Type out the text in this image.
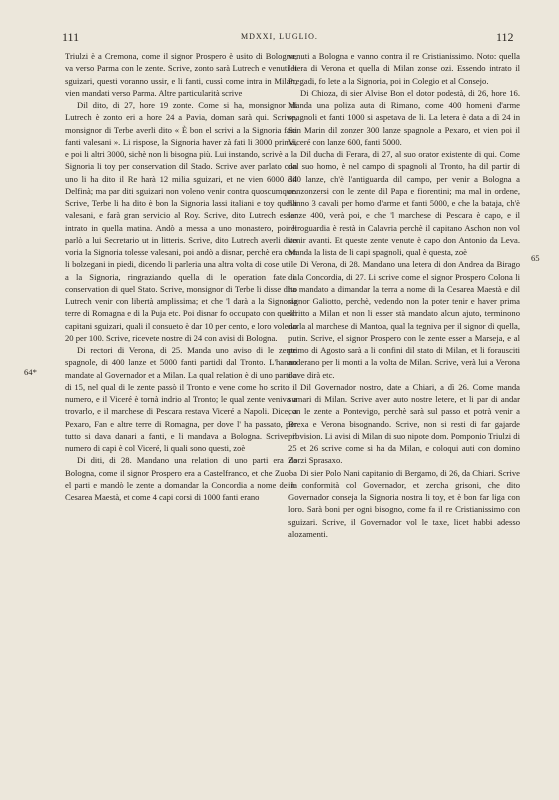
111	MDXXI, LUGLIO.	112
64*
65

Triulzi è a Cremona, come il signor Prospero è usito di Bologna, va verso Parma con le zente. Scrive, zonto sarà Lutrech e venuti li sguizari, questi voranno ussir, e li fanti, cussì come intra in Milan, vien mandati verso Parma. Altre particularità scrive

Dil dito, di 27, hore 19 zonte. Come si ha, monsignor di Lutrech è zonto eri a hore 24 a Pavia, doman sarà qui. Scrive, monsignor di Terbe averli dito « È bon el scrivi a la Signoria fazi fanti valesani ». Li rispose, la Signoria haver zà fati li 3000 prima, e poi li altri 3000, sichè non li bisogna più. Lui instando, scrivè a la Signoria li toy per conservation dil Stado. Scrive aver parlato con uno li ha dito il Re harà 12 milia sguizari, et ne vien 6000 dil Delfinà; ma par diti sguizari non voleno venir contra quoscumque. Scrive, Terbe li ha dito è bon la Signoria lassi italiani e toy quelli valesani, e farà gran servicio al Roy. Scrive, dito Lutrech esser intrato in quella matina. Andò a messa a uno monastero, poi li parlò a lui Secretario ut in litteris. Scrive, dito Lutrech averli dito voria la Signoria tolesse valesani, poi andò a disnar, perchè era con li bolzegani in piedi, dicendo li parleria una altra volta di cose utile a la Signoria, ringraziando quella di le operation fate a conservation di quel Stato. Scrive, monsignor di Terbe li disse dito Lutrech venir con libertà amplissima; et che 'l darà a la Signoria terre di Romagna e di la Puja etc. Poi disnar fo occupato con quelli capitani sguizari, quali il consueto è dar 10 per cento, e loro voleno 20 per 100. Scrive, ricevete nostre di 24 con avisi di Bologna.

Di rectori di Verona, di 25. Manda uno aviso di le zente spagnole, di 400 lanze et 5000 fanti partidi dal Tronto. L'hanno mandate al Governador et a Milan. La qual relation è di uno parti a di 15, nel qual di le zente passò il Tronto e vene come ho scrito il numero, e il Viceré è tornà indrio al Tronto; le qual zente veniva a trovarlo, e il marchese di Pescara restava Viceré a Napoli. Dice, a Pexaro, Fan e altre terre di Romagna, per dove l' ha passato, per tutto si dava danari a fanti, e li mandava a Bologna. Scrive il numero di capi è col Viceré, li quali sono questi, zoè

Di diti, di 28. Mandano una relation di uno parti era da Bologna, come il signor Prospero era a Castelfranco, et che Zuoba el parti e mandò le zente a domandar la Concordia a nome de la Cesarea Maestà, et come 4 capi corsi di 1000 fanti erano

venuti a Bologna e vanno contra il re Cristianissimo. Noto: quella letera di Verona et quella di Milan zonse ozi. Essendo intrato il Pregadi, fo lete a la Signoria, poi in Colegio et al Consejo.

Di Chioza, di sier Alvise Bon el dotor podestà, di 26, hore 16. Manda una poliza auta di Rimano, come 400 homeni d'arme spagnoli et fanti 1000 si aspetava de li. La letera è data a dì 24 in San Marin dil zonzer 300 lanze spagnole a Pexaro, et vien poi il Viceré con lanze 600, fanti 5000.

Dil ducha di Ferara, di 27, al suo orator existente di qui. Come dal suo homo, è nel campo di spagnoli al Tronto, ha dil partir di 340 lanze, ch'è l'antiguarda dil campo, per venir a Bologna a conzonzersi con le zente dil Papa e fiorentini; ma mal in ordene, hanno 3 cavali per homo d'arme et fanti 5000, e che la bataja, ch'è lanze 400, verà poi, e che 'l marchese di Pescara è capo, e il retroguardia è restà in Calavria perchè il capitano Aschon non vol venir avanti. Et queste zente venute è capo don Antonio da Leva. Manda la lista de li capi spagnoli, qual è questa, zoè

Di Verona, di 28. Mandano una letera di don Andrea da Birago di la Concordia, di 27. Li scrive come el signor Prospero Colona li ha mandato a dimandar la terra a nome di la Cesarea Maestà e dil signor Galiotto, perchè, vedendo non la poter tenir e haver prima scritto a Milan et non li esser stà mandato alcun ajuto, terminono darla al marchese di Mantoa, qual la tegniva per il signor di quella, putin. Scrive, el signor Prospero con le zente esser a Marseja, e al primo di Agosto sarà a li confini dil stato di Milan, et li forausciti anderano per li monti a la volta de Milan. Scrive, verà lui a Verona dove dirà etc.

Dil Governador nostro, date a Chiari, a dì 26. Come manda sumari di Milan. Scrive aver auto nostre letere, et li par di andar con le zente a Pontevigo, perchè sarà sul passo et potrà venir a Brexa e Verona bisognando. Scrive, non si resti di far gajarde provision. Li avisi di Milan di suo nipote dom. Pomponio Triulzi di 25 et 26 scrive come si ha da Milan, e coloqui auti con domino Zorzi Sprasaxo.

Di sier Polo Nani capitanio di Bergamo, di 26, da Chiari. Scrive in conformità col Governador, et zercha grisoni, che dito Governador conseja la Signoria nostra li toy, et è bon far liga con loro. Sarà boni per ogni bisogno, come fa il re Cristianissimo con sguizari. Scrive, il Governador vol le taxe, licet habbi adesso alozamenti.
